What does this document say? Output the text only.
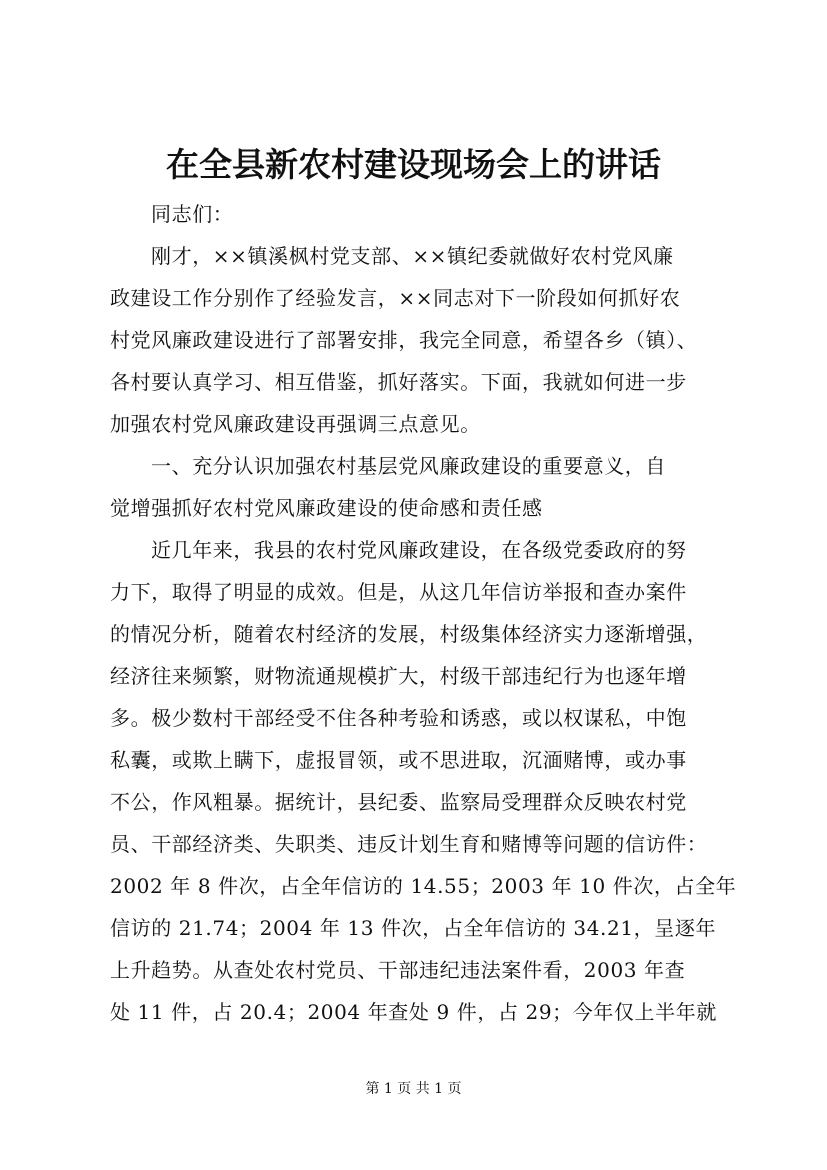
在全县新农村建设现场会上的讲话
同志们：
刚才，××镇溪枫村党支部、××镇纪委就做好农村党风廉
政建设工作分别作了经验发言，××同志对下一阶段如何抓好农
村党风廉政建设进行了部署安排，我完全同意，希望各乡（镇）、
各村要认真学习、相互借鉴，抓好落实。下面，我就如何进一步
加强农村党风廉政建设再强调三点意见。
一、充分认识加强农村基层党风廉政建设的重要意义，自
觉增强抓好农村党风廉政建设的使命感和责任感
近几年来，我县的农村党风廉政建设，在各级党委政府的努
力下，取得了明显的成效。但是，从这几年信访举报和查办案件
的情况分析，随着农村经济的发展，村级集体经济实力逐渐增强，
经济往来频繁，财物流通规模扩大，村级干部违纪行为也逐年增
多。极少数村干部经受不住各种考验和诱惑，或以权谋私，中饱
私囊，或欺上瞒下，虚报冒领，或不思进取，沉湎赌博，或办事
不公，作风粗暴。据统计，县纪委、监察局受理群众反映农村党
员、干部经济类、失职类、违反计划生育和赌博等问题的信访件：
2002 年 8 件次，占全年信访的 14.55；2003 年 10 件次，占全年
信访的 21.74；2004 年 13 件次，占全年信访的 34.21，呈逐年
上升趋势。从查处农村党员、干部违纪违法案件看，2003 年查
处 11 件，占 20.4；2004 年查处 9 件，占 29；今年仅上半年就
第 1 页 共 1 页
